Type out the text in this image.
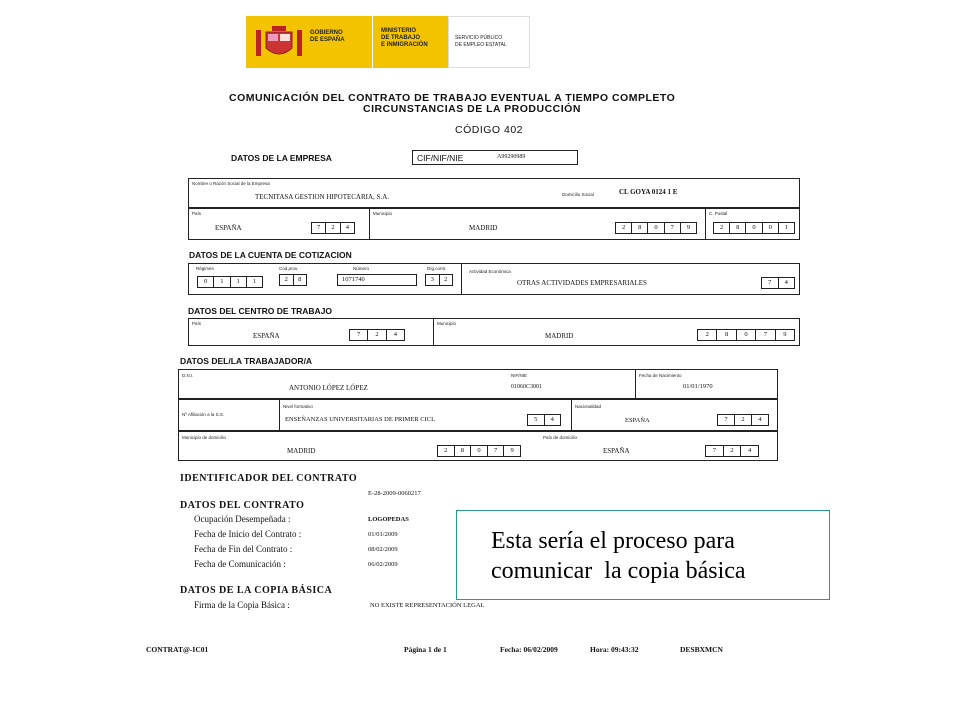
GOBIERNO
DE ESPAÑA
MINISTERIO
DE TRABAJO
E INMIGRACIÓN
SERVICIO PÚBLICO
DE EMPLEO ESTATAL
COMUNICACIÓN DEL CONTRATO DE TRABAJO EVENTUAL A TIEMPO COMPLETO
CIRCUNSTANCIAS DE LA PRODUCCIÓN
CÓDIGO 402
DATOS DE LA EMPRESA	CIF/NIF/NIE	A99290989
Nombre o Razón Social de la Empresa
TECNITASA GESTION HIPOTECARIA, S.A.	Domicilio Social	CL GOYA 0124 1 E
País
ESPAÑA	7	2	4
Municipio
MADRID	2	8	0	7	9
C. Postal
2	8	0	0	1
DATOS DE LA CUENTA DE COTIZACION
Régimen
0	1	1	1
Cód.prov.
2	8
Número
1071740
Díg.contr.
3	2
Actividad Económica
OTRAS ACTIVIDADES EMPRESARIALES	7	4
DATOS DEL CENTRO DE TRABAJO
País
ESPAÑA	7	2	4
Municipio
MADRID	2	8	0	7	9
DATOS DEL/LA TRABAJADOR/A
D.N.I.
ANTONIO LÓPEZ LÓPEZ
NIF/NIE
01060C3001
Fecha de Nacimiento
01/01/1970
Nº Afiliación a la S.S.
Nivel formativo
ENSEÑANZAS UNIVERSITARIAS DE PRIMER CICL	5	4
Nacionalidad
ESPAÑA	7	2	4
Municipio de domicilio
MADRID	2	8	0	7	9
País de domicilio
ESPAÑA	7	2	4
IDENTIFICADOR DEL CONTRATO
E-28-2009-0060217
DATOS DEL CONTRATO
Ocupación Desempeñada :	LOGOPEDAS
Fecha de Inicio del Contrato :	01/01/2009
Fecha de Fin del Contrato :	08/02/2009
Fecha de Comunicación :	06/02/2009
DATOS DE LA COPIA BÁSICA
Firma de la Copia Básica :	NO EXISTE REPRESENTACIÓN LEGAL
Esta sería el proceso para
comunicar  la copia básica
CONTRAT@-IC01	Página 1 de 1	Fecha: 06/02/2009	Hora: 09:43:32	DESBXMCN
